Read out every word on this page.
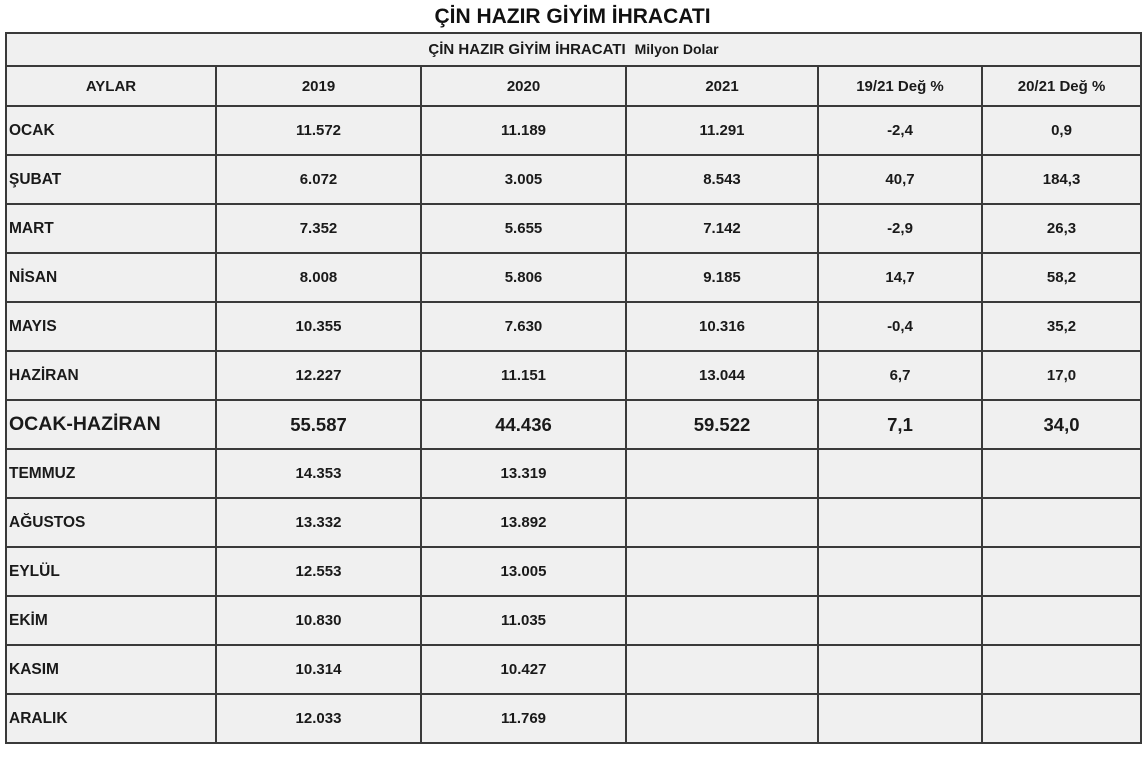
ÇİN HAZIR GİYİM İHRACATI
ÇİN HAZIR GİYİM İHRACATI Milyon Dolar					
AYLAR	2019	2020	2021	19/21 Değ %	20/21 Değ %
OCAK	11.572	11.189	11.291	-2,4	0,9
ŞUBAT	6.072	3.005	8.543	40,7	184,3
MART	7.352	5.655	7.142	-2,9	26,3
NİSAN	8.008	5.806	9.185	14,7	58,2
MAYIS	10.355	7.630	10.316	-0,4	35,2
HAZİRAN	12.227	11.151	13.044	6,7	17,0
OCAK-HAZİRAN	55.587	44.436	59.522	7,1	34,0
TEMMUZ	14.353	13.319			
AĞUSTOS	13.332	13.892			
EYLÜL	12.553	13.005			
EKİM	10.830	11.035			
KASIM	10.314	10.427			
ARALIK	12.033	11.769			
